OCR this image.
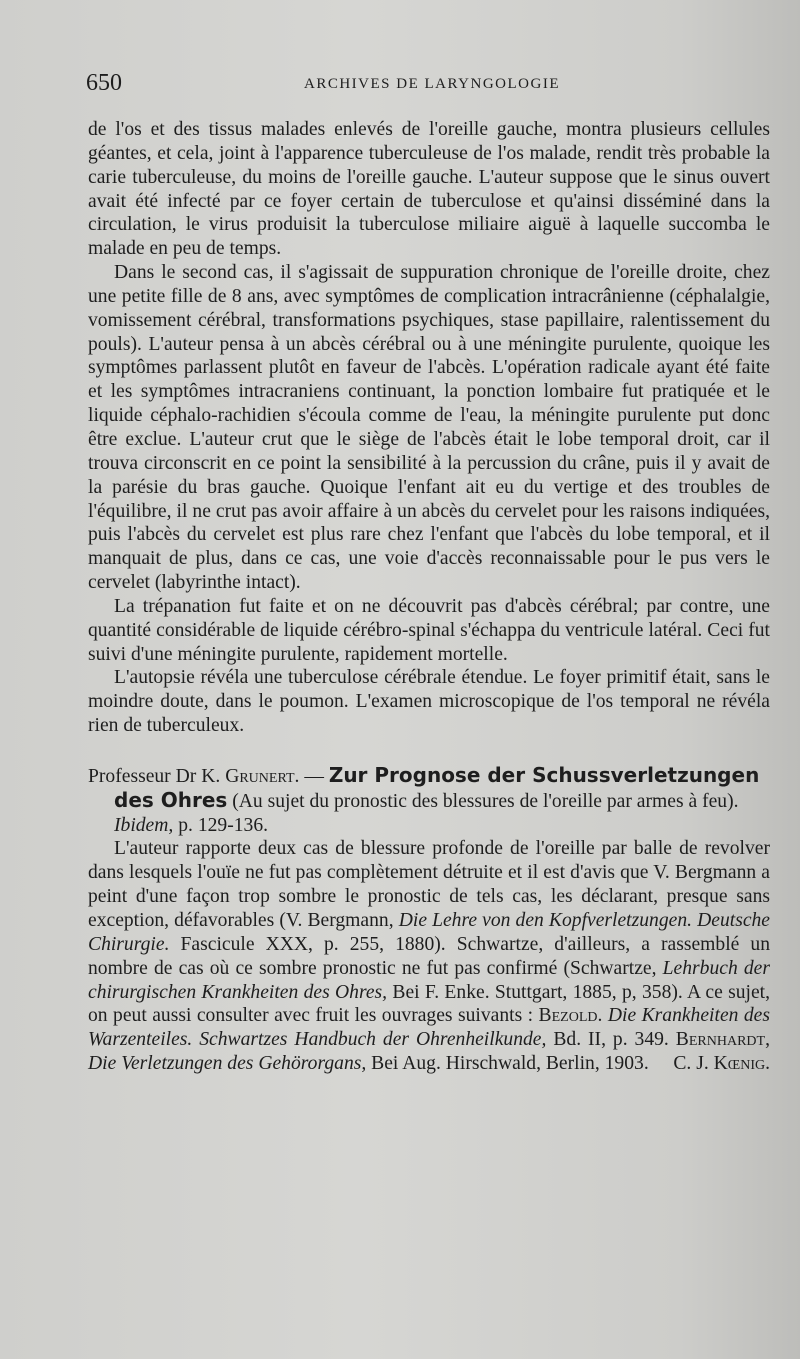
650	ARCHIVES DE LARYNGOLOGIE

de l'os et des tissus malades enlevés de l'oreille gauche, montra plusieurs cellules géantes, et cela, joint à l'apparence tuberculeuse de l'os malade, rendit très probable la carie tuberculeuse, du moins de l'oreille gauche. L'auteur suppose que le sinus ouvert avait été infecté par ce foyer certain de tuberculose et qu'ainsi disséminé dans la circulation, le virus produisit la tuberculose miliaire aiguë à laquelle succomba le malade en peu de temps.

Dans le second cas, il s'agissait de suppuration chronique de l'oreille droite, chez une petite fille de 8 ans, avec symptômes de complication intracrânienne (céphalalgie, vomissement cérébral, transformations psychiques, stase papillaire, ralentissement du pouls). L'auteur pensa à un abcès cérébral ou à une méningite purulente, quoique les symptômes parlassent plutôt en faveur de l'abcès. L'opération radicale ayant été faite et les symptômes intracraniens continuant, la ponction lombaire fut pratiquée et le liquide céphalo-rachidien s'écoula comme de l'eau, la méningite purulente put donc être exclue. L'auteur crut que le siège de l'abcès était le lobe temporal droit, car il trouva circonscrit en ce point la sensibilité à la percussion du crâne, puis il y avait de la parésie du bras gauche. Quoique l'enfant ait eu du vertige et des troubles de l'équilibre, il ne crut pas avoir affaire à un abcès du cervelet pour les raisons indiquées, puis l'abcès du cervelet est plus rare chez l'enfant que l'abcès du lobe temporal, et il manquait de plus, dans ce cas, une voie d'accès reconnaissable pour le pus vers le cervelet (labyrinthe intact).

La trépanation fut faite et on ne découvrit pas d'abcès cérébral; par contre, une quantité considérable de liquide cérébro-spinal s'échappa du ventricule latéral. Ceci fut suivi d'une méningite purulente, rapidement mortelle.

L'autopsie révéla une tuberculose cérébrale étendue. Le foyer primitif était, sans le moindre doute, dans le poumon. L'examen microscopique de l'os temporal ne révéla rien de tuberculeux.

Professeur Dr K. Grunert. — Zur Prognose der Schussverletzungen des Ohres (Au sujet du pronostic des blessures de l'oreille par armes à feu). Ibidem, p. 129-136.

L'auteur rapporte deux cas de blessure profonde de l'oreille par balle de revolver dans lesquels l'ouïe ne fut pas complètement détruite et il est d'avis que V. Bergmann a peint d'une façon trop sombre le pronostic de tels cas, les déclarant, presque sans exception, défavorables (V. Bergmann, Die Lehre von den Kopfverletzungen. Deutsche Chirurgie. Fascicule XXX, p. 255, 1880). Schwartze, d'ailleurs, a rassemblé un nombre de cas où ce sombre pronostic ne fut pas confirmé (Schwartze, Lehrbuch der chirurgischen Krankheiten des Ohres, Bei F. Enke. Stuttgart, 1885, p, 358). A ce sujet, on peut aussi consulter avec fruit les ouvrages suivants : Bezold. Die Krankheiten des Warzenteiles. Schwartzes Handbuch der Ohrenheilkunde, Bd. II, p. 349. Bernhardt, Die Verletzungen des Gehörorgans, Bei Aug. Hirschwald, Berlin, 1903.	C. J. Kœnig.
